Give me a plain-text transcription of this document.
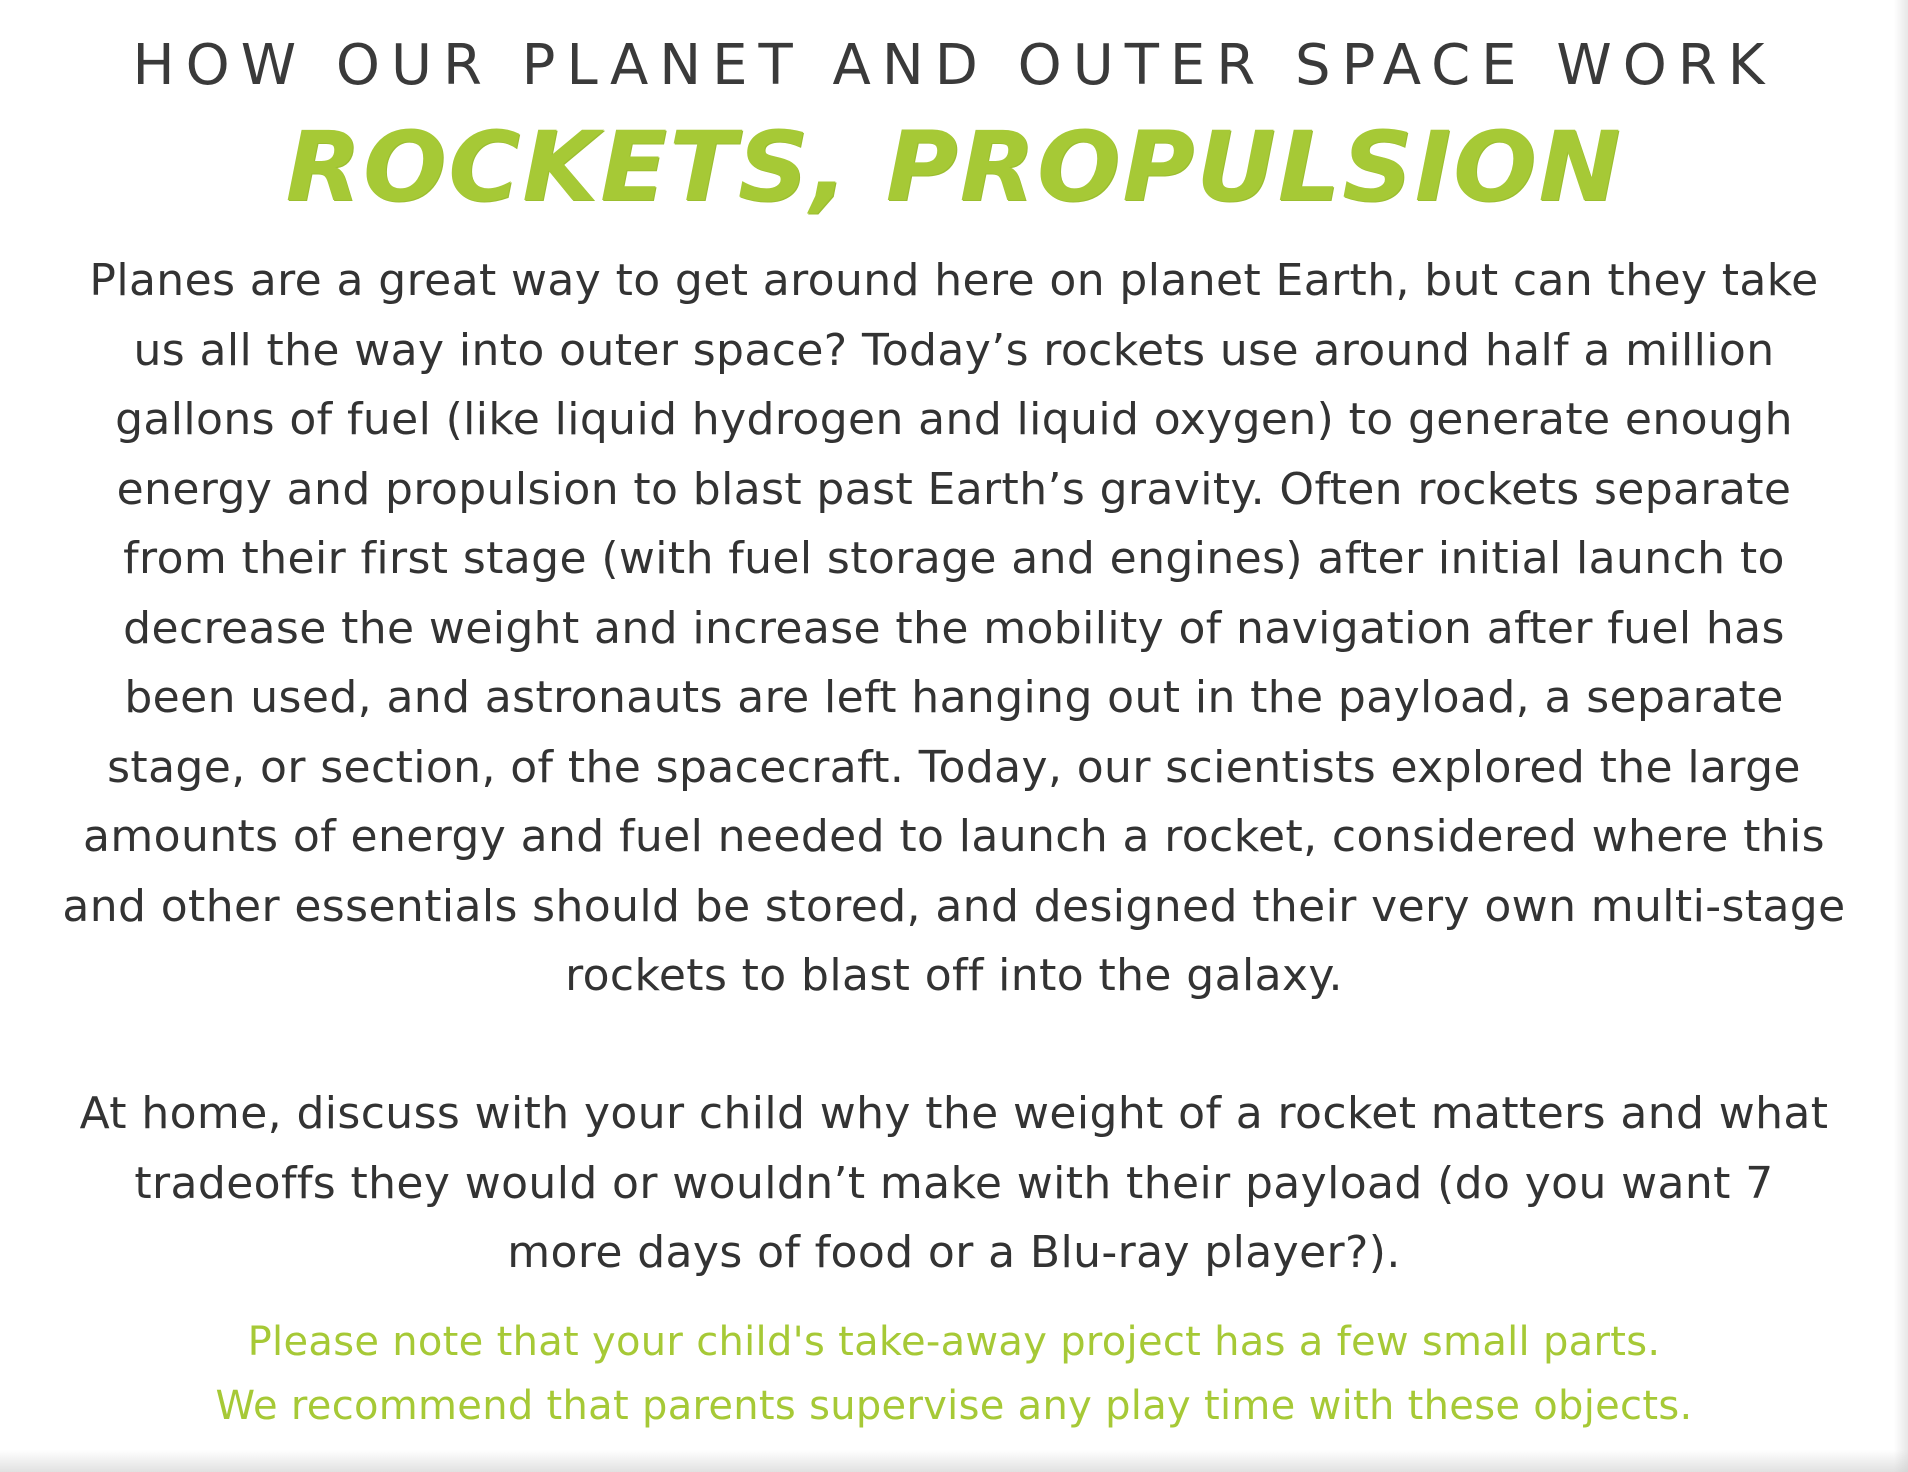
HOW OUR PLANET AND OUTER SPACE WORK
ROCKETS, PROPULSION
Planes are a great way to get around here on planet Earth, but can they take
us all the way into outer space? Today’s rockets use around half a million
gallons of fuel (like liquid hydrogen and liquid oxygen) to generate enough
energy and propulsion to blast past Earth’s gravity. Often rockets separate
from their first stage (with fuel storage and engines) after initial launch to
decrease the weight and increase the mobility of navigation after fuel has
been used, and astronauts are left hanging out in the payload, a separate
stage, or section, of the spacecraft. Today, our scientists explored the large
amounts of energy and fuel needed to launch a rocket, considered where this
and other essentials should be stored, and designed their very own multi-stage
rockets to blast off into the galaxy.
At home, discuss with your child why the weight of a rocket matters and what
tradeoffs they would or wouldn’t make with their payload (do you want 7
more days of food or a Blu-ray player?).
Please note that your child's take-away project has a few small parts.
We recommend that parents supervise any play time with these objects.
